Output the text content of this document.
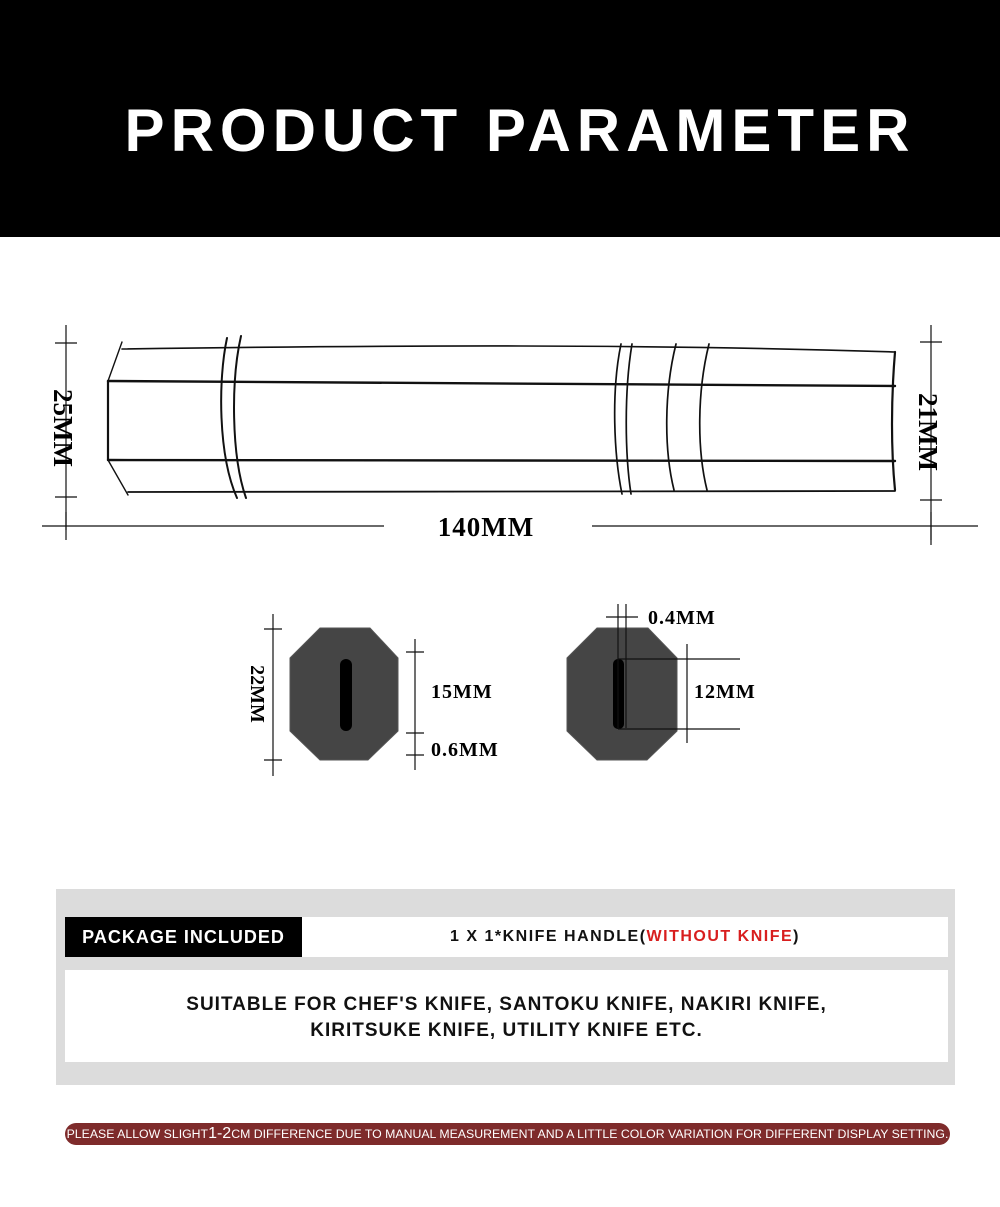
PRODUCT PARAMETER
25MM	21MM
140MM
22MM	15MM
0.6MM
0.4MM
12MM
PACKAGE INCLUDED	1 X 1*KNIFE HANDLE(WITHOUT KNIFE)
SUITABLE FOR CHEF'S KNIFE, SANTOKU KNIFE, NAKIRI KNIFE,
KIRITSUKE KNIFE, UTILITY KNIFE ETC.
PLEASE ALLOW SLIGHT1-2CM DIFFERENCE DUE TO MANUAL MEASUREMENT AND A LITTLE COLOR VARIATION FOR DIFFERENT DISPLAY SETTING.
